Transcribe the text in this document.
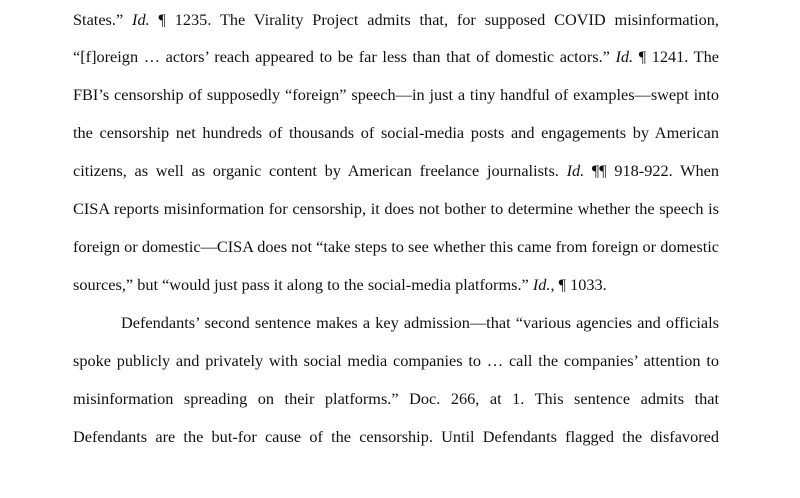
States.” Id. ¶ 1235. The Virality Project admits that, for supposed COVID misinformation,
“[f]oreign … actors’ reach appeared to be far less than that of domestic actors.” Id. ¶ 1241. The
FBI’s censorship of supposedly “foreign” speech—in just a tiny handful of examples—swept into
the censorship net hundreds of thousands of social-media posts and engagements by American
citizens, as well as organic content by American freelance journalists. Id. ¶¶ 918-922. When
CISA reports misinformation for censorship, it does not bother to determine whether the speech is
foreign or domestic—CISA does not “take steps to see whether this came from foreign or domestic
sources,” but “would just pass it along to the social-media platforms.” Id., ¶ 1033.
Defendants’ second sentence makes a key admission—that “various agencies and officials
spoke publicly and privately with social media companies to … call the companies’ attention to
misinformation spreading on their platforms.” Doc. 266, at 1. This sentence admits that
Defendants are the but-for cause of the censorship. Until Defendants flagged the disfavored
